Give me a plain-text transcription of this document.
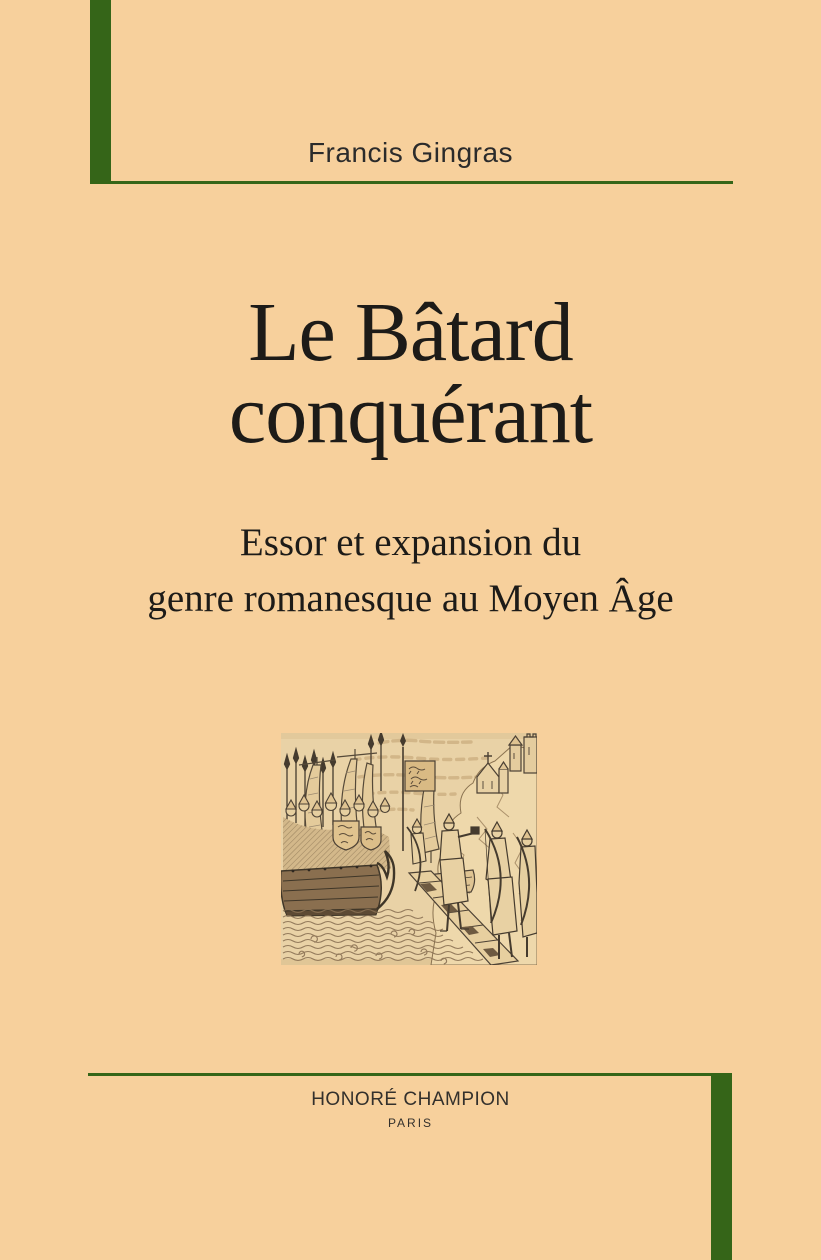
Francis Gingras
Le Bâtard
conquérant
Essor et expansion du
genre romanesque au Moyen Âge
HONORÉ CHAMPION
PARIS
